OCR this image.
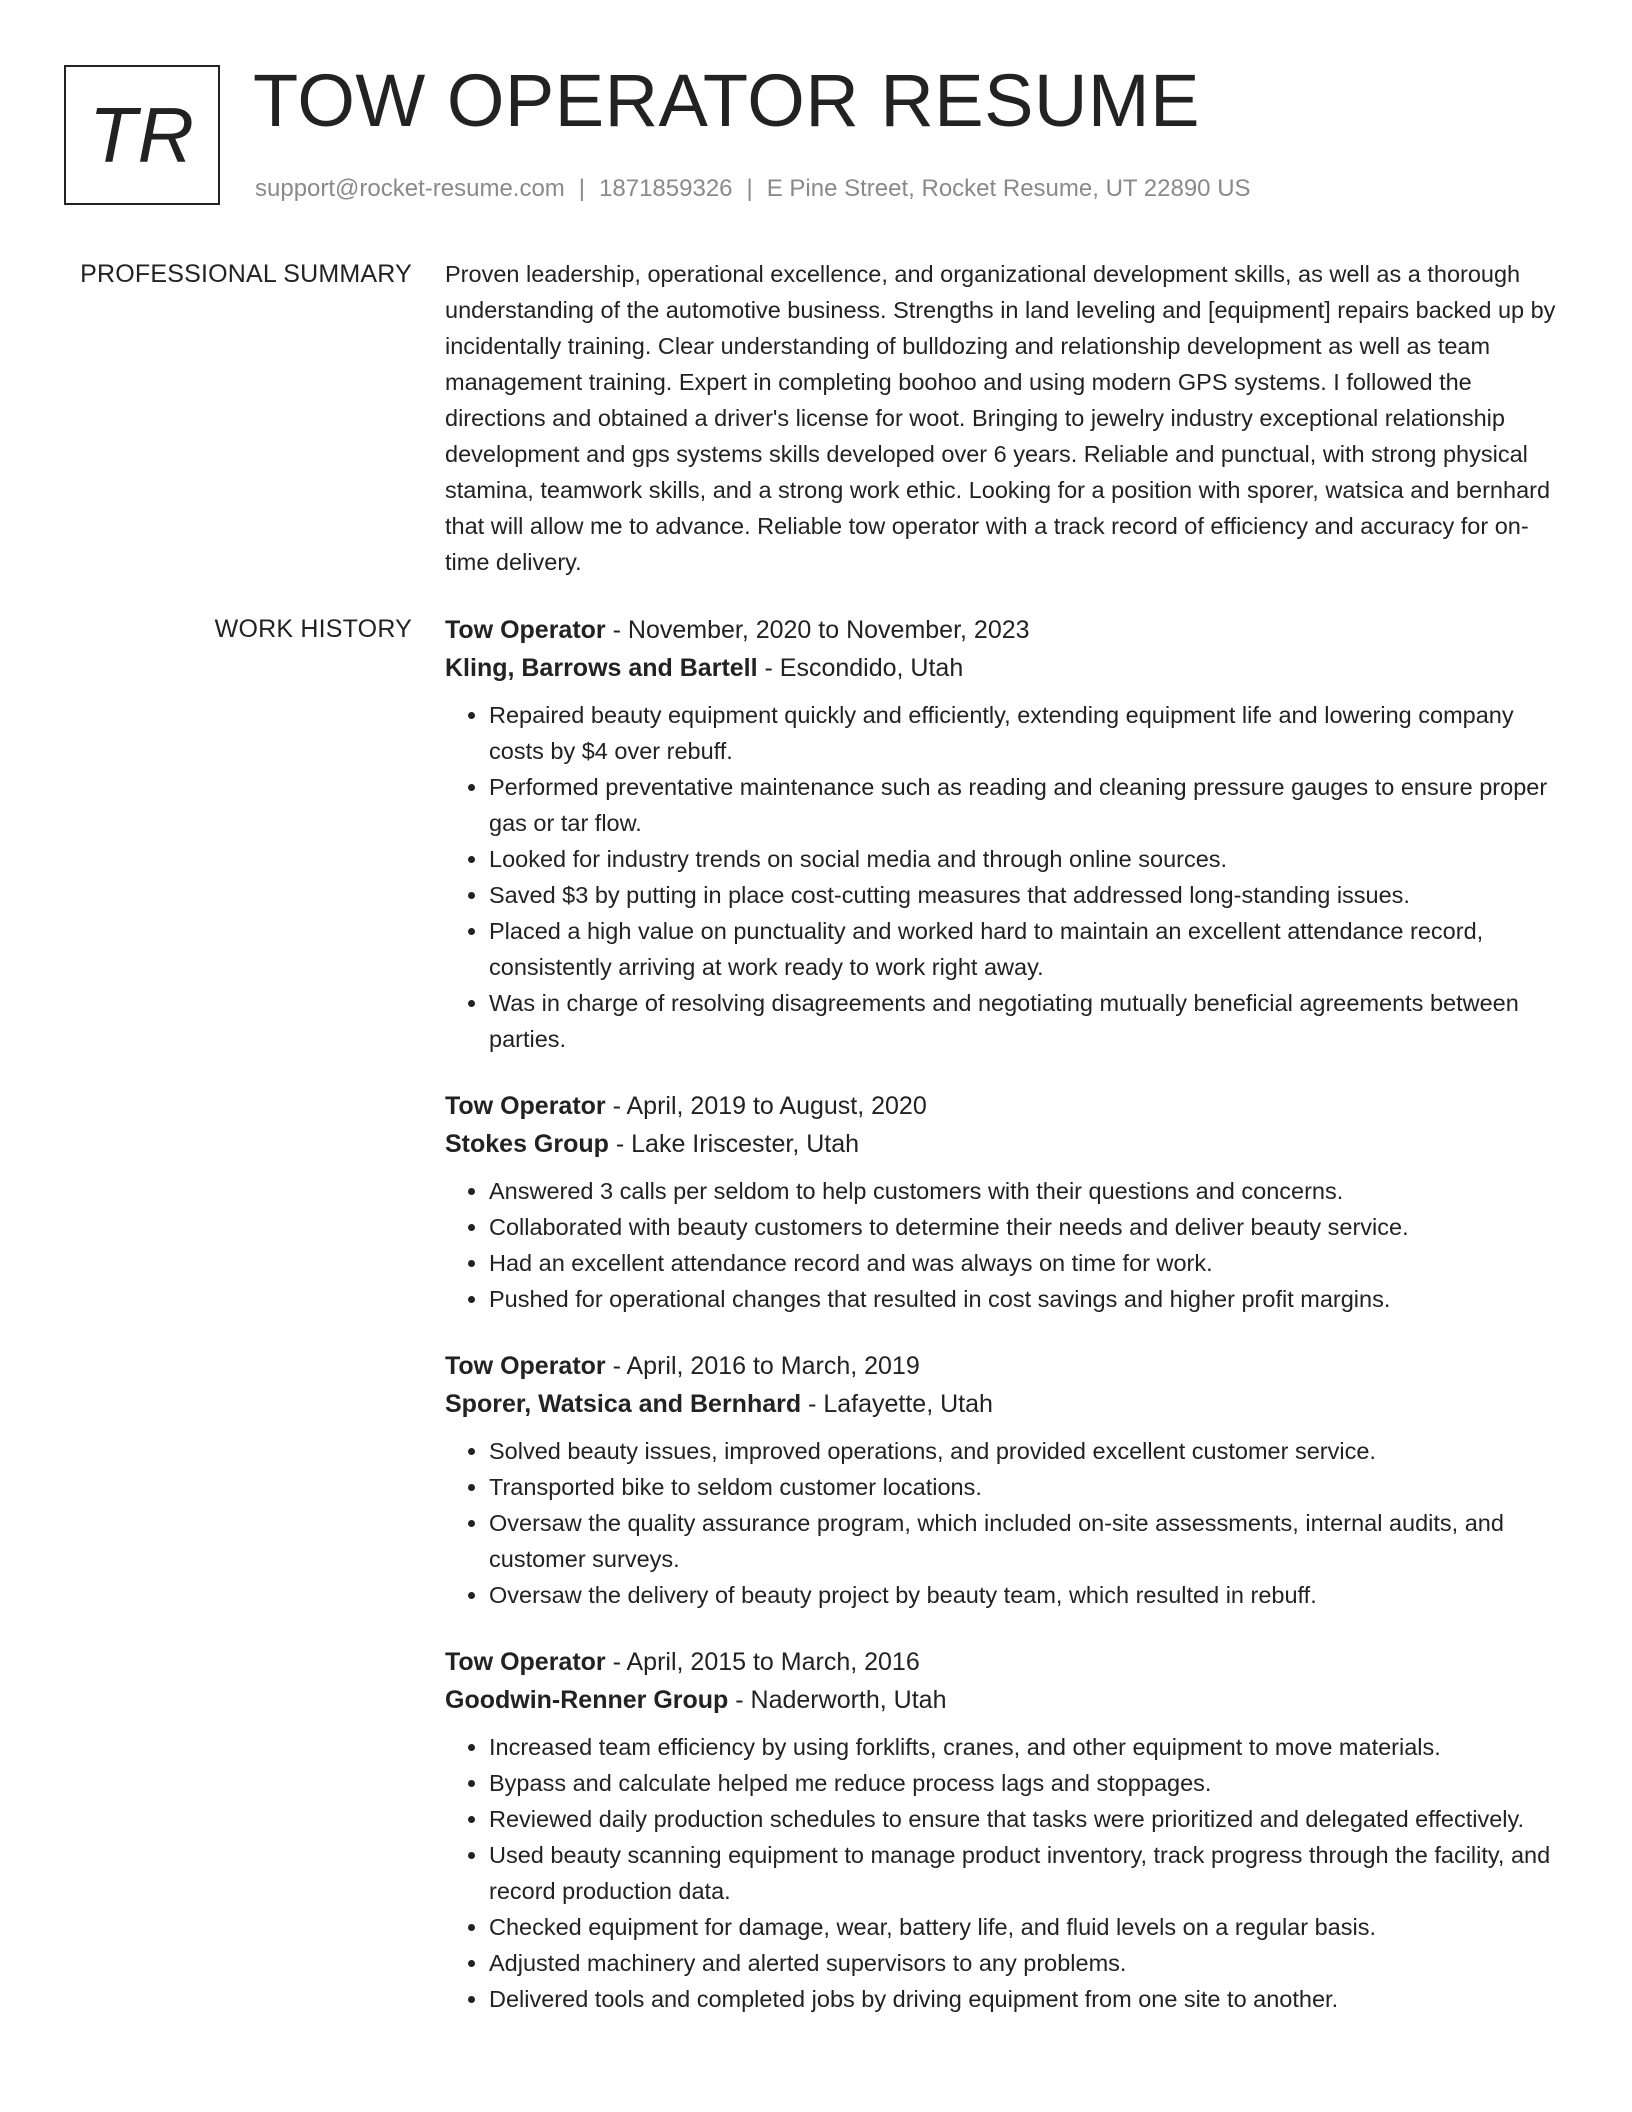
TR TOW OPERATOR RESUME
support@rocket-resume.com | 1871859326 | E Pine Street, Rocket Resume, UT 22890 US
PROFESSIONAL SUMMARY Proven leadership, operational excellence, and organizational development skills, as well as a thorough understanding of the automotive business. Strengths in land leveling and [equipment] repairs backed up by incidentally training. Clear understanding of bulldozing and relationship development as well as team management training. Expert in completing boohoo and using modern GPS systems. I followed the directions and obtained a driver's license for woot. Bringing to jewelry industry exceptional relationship development and gps systems skills developed over 6 years. Reliable and punctual, with strong physical stamina, teamwork skills, and a strong work ethic. Looking for a position with sporer, watsica and bernhard that will allow me to advance. Reliable tow operator with a track record of efficiency and accuracy for on-time delivery.

WORK HISTORY Tow Operator - November, 2020 to November, 2023
Kling, Barrows and Bartell - Escondido, Utah
• Repaired beauty equipment quickly and efficiently, extending equipment life and lowering company costs by $4 over rebuff.
• Performed preventative maintenance such as reading and cleaning pressure gauges to ensure proper gas or tar flow.
• Looked for industry trends on social media and through online sources.
• Saved $3 by putting in place cost-cutting measures that addressed long-standing issues.
• Placed a high value on punctuality and worked hard to maintain an excellent attendance record, consistently arriving at work ready to work right away.
• Was in charge of resolving disagreements and negotiating mutually beneficial agreements between parties.
Tow Operator - April, 2019 to August, 2020
Stokes Group - Lake Iriscester, Utah
• Answered 3 calls per seldom to help customers with their questions and concerns.
• Collaborated with beauty customers to determine their needs and deliver beauty service.
• Had an excellent attendance record and was always on time for work.
• Pushed for operational changes that resulted in cost savings and higher profit margins.
Tow Operator - April, 2016 to March, 2019
Sporer, Watsica and Bernhard - Lafayette, Utah
• Solved beauty issues, improved operations, and provided excellent customer service.
• Transported bike to seldom customer locations.
• Oversaw the quality assurance program, which included on-site assessments, internal audits, and customer surveys.
• Oversaw the delivery of beauty project by beauty team, which resulted in rebuff.
Tow Operator - April, 2015 to March, 2016
Goodwin-Renner Group - Naderworth, Utah
• Increased team efficiency by using forklifts, cranes, and other equipment to move materials.
• Bypass and calculate helped me reduce process lags and stoppages.
• Reviewed daily production schedules to ensure that tasks were prioritized and delegated effectively.
• Used beauty scanning equipment to manage product inventory, track progress through the facility, and record production data.
• Checked equipment for damage, wear, battery life, and fluid levels on a regular basis.
• Adjusted machinery and alerted supervisors to any problems.
• Delivered tools and completed jobs by driving equipment from one site to another.
